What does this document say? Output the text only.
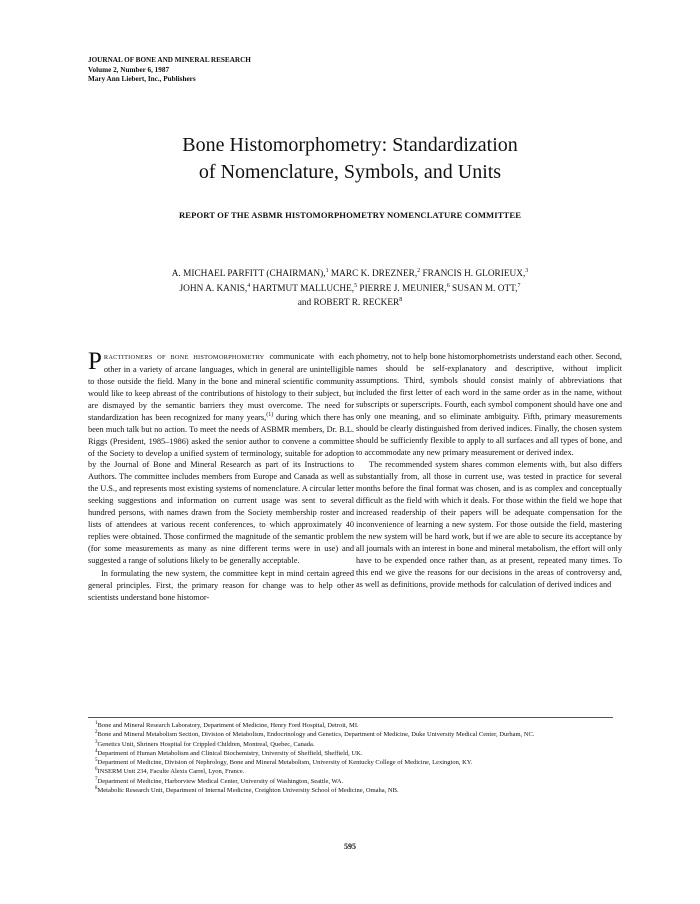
JOURNAL OF BONE AND MINERAL RESEARCH
Volume 2, Number 6, 1987
Mary Ann Liebert, Inc., Publishers
Bone Histomorphometry: Standardization
of Nomenclature, Symbols, and Units
REPORT OF THE ASBMR HISTOMORPHOMETRY NOMENCLATURE COMMITTEE
A. MICHAEL PARFITT (CHAIRMAN),$^1$ MARC K. DREZNER,$^2$ FRANCIS H. GLORIEUX,$^3$
JOHN A. KANIS,$^4$ HARTMUT MALLUCHE,$^5$ PIERRE J. MEUNIER,$^6$ SUSAN M. OTT,$^7$
and ROBERT R. RECKER$^8$

PRACTITIONERS OF BONE HISTOMORPHOMETRY communicate with each other in a variety of arcane languages, which in general are unintelligible to those outside the field. Many in the bone and mineral scientific community would like to keep abreast of the contributions of histology to their subject, but are dismayed by the semantic barriers they must overcome. The need for standardization has been recognized for many years,$^{(1)}$ during which there has been much talk but no action. To meet the needs of ASBMR members, Dr. B.L. Riggs (President, 1985–1986) asked the senior author to convene a committee of the Society to develop a unified system of terminology, suitable for adoption by the Journal of Bone and Mineral Research as part of its Instructions to Authors. The committee includes members from Europe and Canada as well as the U.S., and represents most existing systems of nomenclature. A circular letter seeking suggestions and information on current usage was sent to several hundred persons, with names drawn from the Society membership roster and lists of attendees at various recent conferences, to which approximately 40 replies were obtained. Those confirmed the magnitude of the semantic problem (for some measurements as many as nine different terms were in use) and suggested a range of solutions likely to be generally acceptable.

In formulating the new system, the committee kept in mind certain agreed general principles. First, the primary reason for change was to help other scientists understand bone histomor-

phometry, not to help bone histomorphometrists understand each other. Second, names should be self-explanatory and descriptive, without implicit assumptions. Third, symbols should consist mainly of abbreviations that included the first letter of each word in the same order as in the name, without subscripts or superscripts. Fourth, each symbol component should have one and only one meaning, and so eliminate ambiguity. Fifth, primary measurements should be clearly distinguished from derived indices. Finally, the chosen system should be sufficiently flexible to apply to all surfaces and all types of bone, and to accommodate any new primary measurement or derived index.

The recommended system shares common elements with, but also differs substantially from, all those in current use, was tested in practice for several months before the final format was chosen, and is as complex and conceptually difficult as the field with which it deals. For those within the field we hope that increased readership of their papers will be adequate compensation for the inconvenience of learning a new system. For those outside the field, mastering the new system will be hard work, but if we are able to secure its acceptance by all journals with an interest in bone and mineral metabolism, the effort will only have to be expended once rather than, as at present, repeated many times. To this end we give the reasons for our decisions in the areas of controversy and, as well as definitions, provide methods for calculation of derived indices and

$^1$Bone and Mineral Research Laboratory, Department of Medicine, Henry Ford Hospital, Detroit, MI.
$^2$Bone and Mineral Metabolism Section, Division of Metabolism, Endocrinology and Genetics, Department of Medicine, Duke University Medical Center, Durham, NC.
$^3$Genetics Unit, Shriners Hospital for Crippled Children, Montreal, Quebec, Canada.
$^4$Department of Human Metabolism and Clinical Biochemistry, University of Sheffield, Sheffield, UK.
$^5$Department of Medicine, Division of Nephrology, Bone and Mineral Metabolism, University of Kentucky College of Medicine, Lexington, KY.
$^6$INSERM Unit 234, Faculte Alexis Carrel, Lyon, France.
$^7$Department of Medicine, Harborview Medical Center, University of Washington, Seattle, WA.
$^8$Metabolic Research Unit, Department of Internal Medicine, Creighton University School of Medicine, Omaha, NB.
595
